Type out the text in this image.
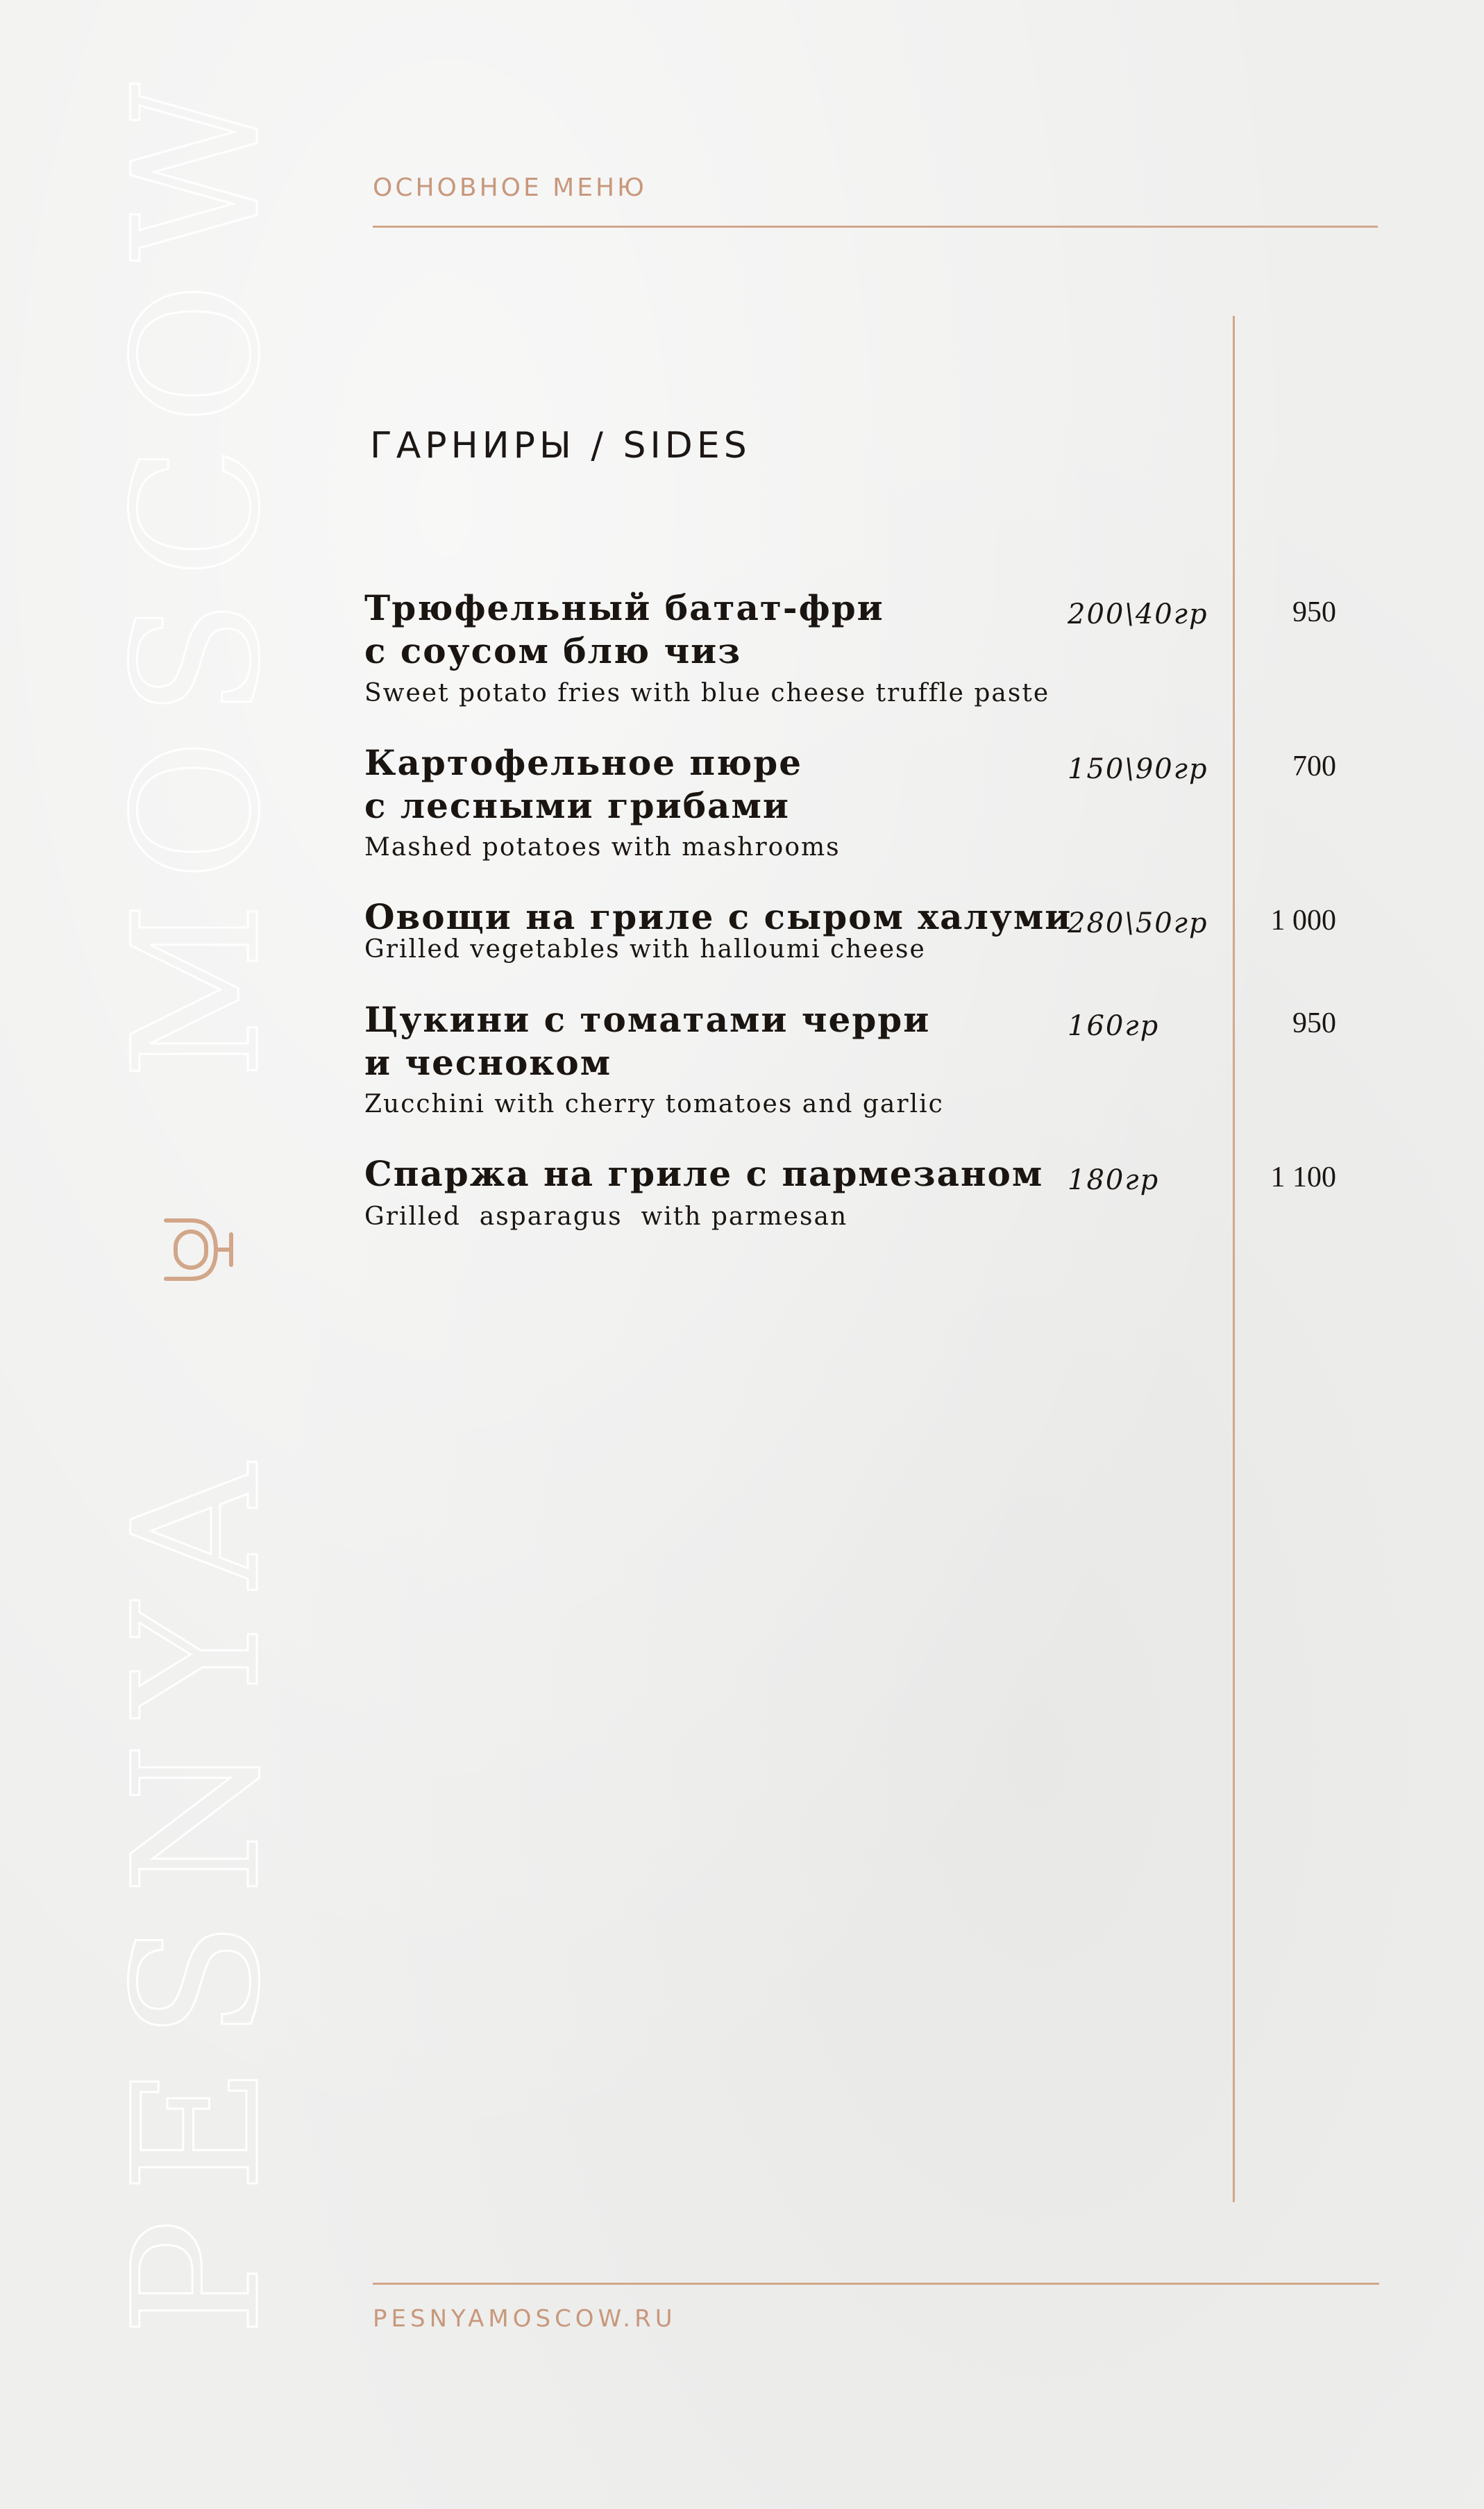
PESNYA
MOSCOW	ОСНОВНОЕ МЕНЮ
ГАРНИРЫ / SIDES
Трюфельный батат-фри
с соусом блю чиз
Sweet potato fries with blue cheese truffle paste
200\40гр	950
Картофельное пюре
с лесными грибами
Mashed potatoes with mashrooms
150\90гр	700
Овощи на гриле с сыром халуми
Grilled vegetables with halloumi cheese
280\50гр	1 000
Цукини с томатами черри
и чесноком
Zucchini with cherry tomatoes and garlic
160гр	950
Спаржа на гриле с пармезаном
Grilled  asparagus  with parmesan
180гр	1 100
PESNYAMOSCOW.RU
